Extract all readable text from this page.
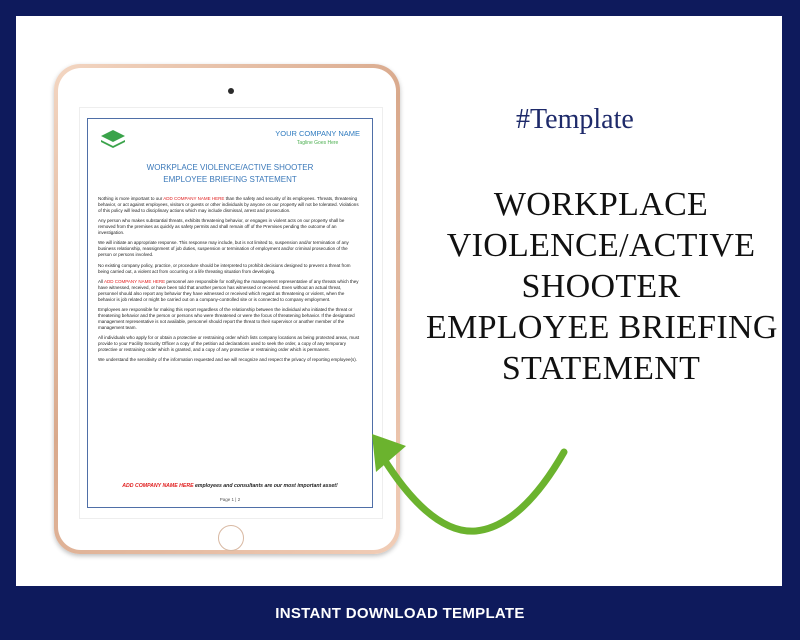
YOUR COMPANY NAME
Tagline Goes Here
WORKPLACE VIOLENCE/ACTIVE SHOOTER
EMPLOYEE BRIEFING STATEMENT

Nothing is more important to our ADD COMPANY NAME HERE than the safety and security of its employees. Threats, threatening behavior, or act against employees, visitors or guests or other individuals by anyone on our property will not be tolerated. Violations of this policy will lead to disciplinary actions which may include dismissal, arrest and prosecution.

Any person who makes substantial threats, exhibits threatening behavior, or engages in violent acts on our property shall be removed from the premises as quickly as safety permits and shall remain off of the Premises pending the outcome of an investigation.

We will initiate an appropriate response. This response may include, but is not limited to, suspension and/or termination of any business relationship, reassignment of job duties, suspension or termination of employment and/or criminal prosecution of the person or persons involved.

No existing company policy, practice, or procedure should be interpreted to prohibit decisions designed to prevent a threat from being carried out, a violent act from occurring or a life threating situation from developing.

All ADD COMPANY NAME HERE personnel are responsible for notifying the management representative of any threats which they have witnessed, received, or have been told that another person has witnessed or received. Even without an actual threat, personnel should also report any behavior they have witnessed or received which regard as threatening or violent, when the behavior is job related or might be carried out on a company-controlled site or is connected to company employment.

Employees are responsible for making this report regardless of the relationship between the individual who initiated the threat or threatening behavior and the person or persons who were threatened or were the focus of threatening behavior. If the designated management representative is not available, personnel should report the threat to their supervisor or another member of the management team.

All individuals who apply for or obtain a protective or restraining order which lists company locations as being protected areas, must provide to your Facility Security Officer a copy of the petition ad declarations used to seek the order, a copy of any temporary protective or restraining order which is granted, and a copy of any protective or restraining order which is permanent.

We understand the sensitivity of the information requested and we will recognize and respect the privacy of reporting employee(s).

ADD COMPANY NAME HERE employees and consultants are our most important asset!
Page 1 | 2
#Template
WORKPLACE
VIOLENCE/ACTIVE
SHOOTER
EMPLOYEE BRIEFING
STATEMENT
INSTANT DOWNLOAD TEMPLATE
